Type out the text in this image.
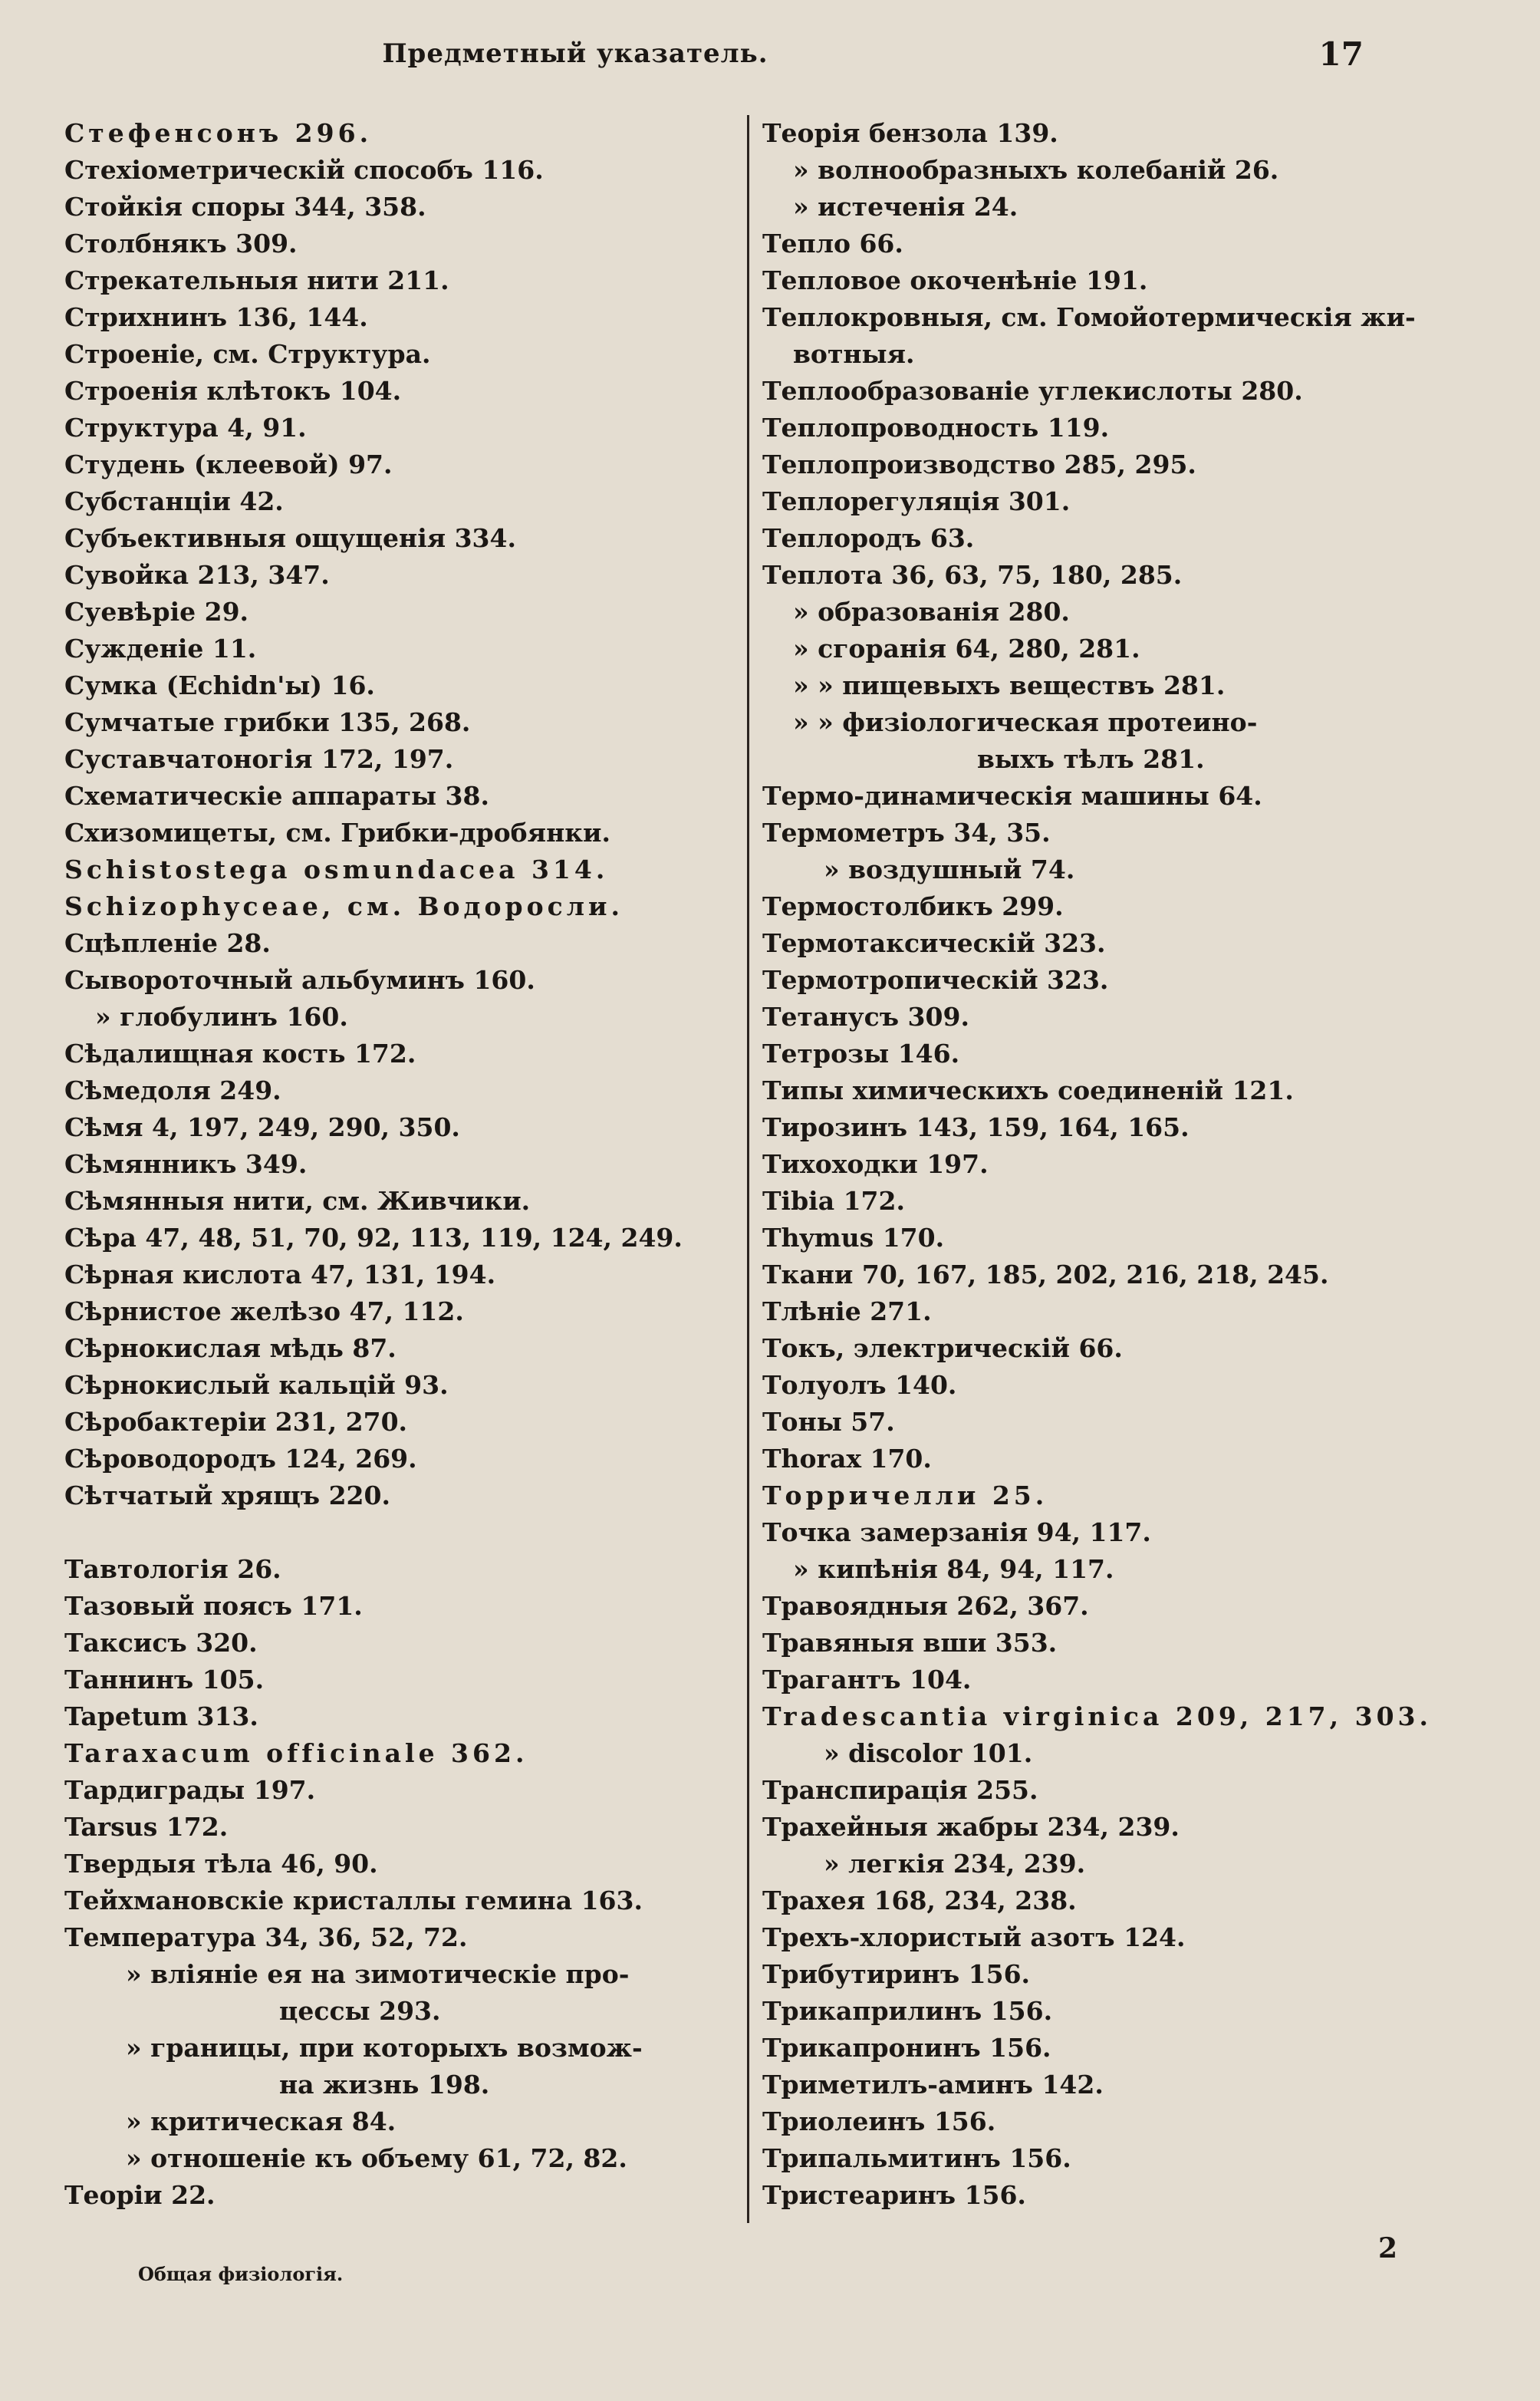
Предметный указатель.	17
Стефенсонъ 296.
Стехіометрическій способъ 116.
Стойкія споры 344, 358.
Столбнякъ 309.
Стрекательныя нити 211.
Стрихнинъ 136, 144.
Строеніе, см. Структура.
Строенія клѣтокъ 104.
Структура 4, 91.
Студень (клеевой) 97.
Субстанціи 42.
Субъективныя ощущенія 334.
Сувойка 213, 347.
Суевѣріе 29.
Сужденіе 11.
Сумка (Echidn'ы) 16.
Сумчатые грибки 135, 268.
Суставчатоногія 172, 197.
Схематическіе аппараты 38.
Схизомицеты, см. Грибки-дробянки.
Schistostega osmundacea 314.
Schizophyceae, см. Водоросли.
Сцѣпленіе 28.
Сывороточный альбуминъ 160.
» глобулинъ 160.
Сѣдалищная кость 172.
Сѣмедоля 249.
Сѣмя 4, 197, 249, 290, 350.
Сѣмянникъ 349.
Сѣмянныя нити, см. Живчики.
Сѣра 47, 48, 51, 70, 92, 113, 119, 124, 249.
Сѣрная кислота 47, 131, 194.
Сѣрнистое желѣзо 47, 112.
Сѣрнокислая мѣдь 87.
Сѣрнокислый кальцій 93.
Сѣробактеріи 231, 270.
Сѣроводородъ 124, 269.
Сѣтчатый хрящъ 220.
Тавтологія 26.
Тазовый поясъ 171.
Таксисъ 320.
Таннинъ 105.
Tapetum 313.
Taraxacum officinale 362.
Тардиграды 197.
Tarsus 172.
Твердыя тѣла 46, 90.
Тейхмановскіе кристаллы гемина 163.
Температура 34, 36, 52, 72.
» вліяніе ея на зимотическіе про-
цессы 293.
» границы, при которыхъ возмож-
на жизнь 198.
» критическая 84.
» отношеніе къ объему 61, 72, 82.
Теоріи 22.
Теорія бензола 139.
» волнообразныхъ колебаній 26.
» истеченія 24.
Тепло 66.
Тепловое окоченѣніе 191.
Теплокровныя, см. Гомойотермическія жи-
вотныя.
Теплообразованіе углекислоты 280.
Теплопроводность 119.
Теплопроизводство 285, 295.
Теплорегуляція 301.
Теплородъ 63.
Теплота 36, 63, 75, 180, 285.
» образованія 280.
» сгоранія 64, 280, 281.
» » пищевыхъ веществъ 281.
» » физіологическая протеино-
выхъ тѣлъ 281.
Термо-динамическія машины 64.
Термометръ 34, 35.
» воздушный 74.
Термостолбикъ 299.
Термотаксическій 323.
Термотропическій 323.
Тетанусъ 309.
Тетрозы 146.
Типы химическихъ соединеній 121.
Тирозинъ 143, 159, 164, 165.
Тихоходки 197.
Tibia 172.
Thymus 170.
Ткани 70, 167, 185, 202, 216, 218, 245.
Тлѣніе 271.
Токъ, электрическій 66.
Толуолъ 140.
Тоны 57.
Thorax 170.
Торричелли 25.
Точка замерзанія 94, 117.
» кипѣнія 84, 94, 117.
Травоядныя 262, 367.
Травяныя вши 353.
Трагантъ 104.
Tradescantia virginica 209, 217, 303.
» discolor 101.
Транспирація 255.
Трахейныя жабры 234, 239.
» легкія 234, 239.
Трахея 168, 234, 238.
Трехъ-хлористый азотъ 124.
Трибутиринъ 156.
Трикаприлинъ 156.
Трикапронинъ 156.
Триметилъ-аминъ 142.
Триолеинъ 156.
Трипальмитинъ 156.
Тристеаринъ 156.
Общая физіологія.
2
